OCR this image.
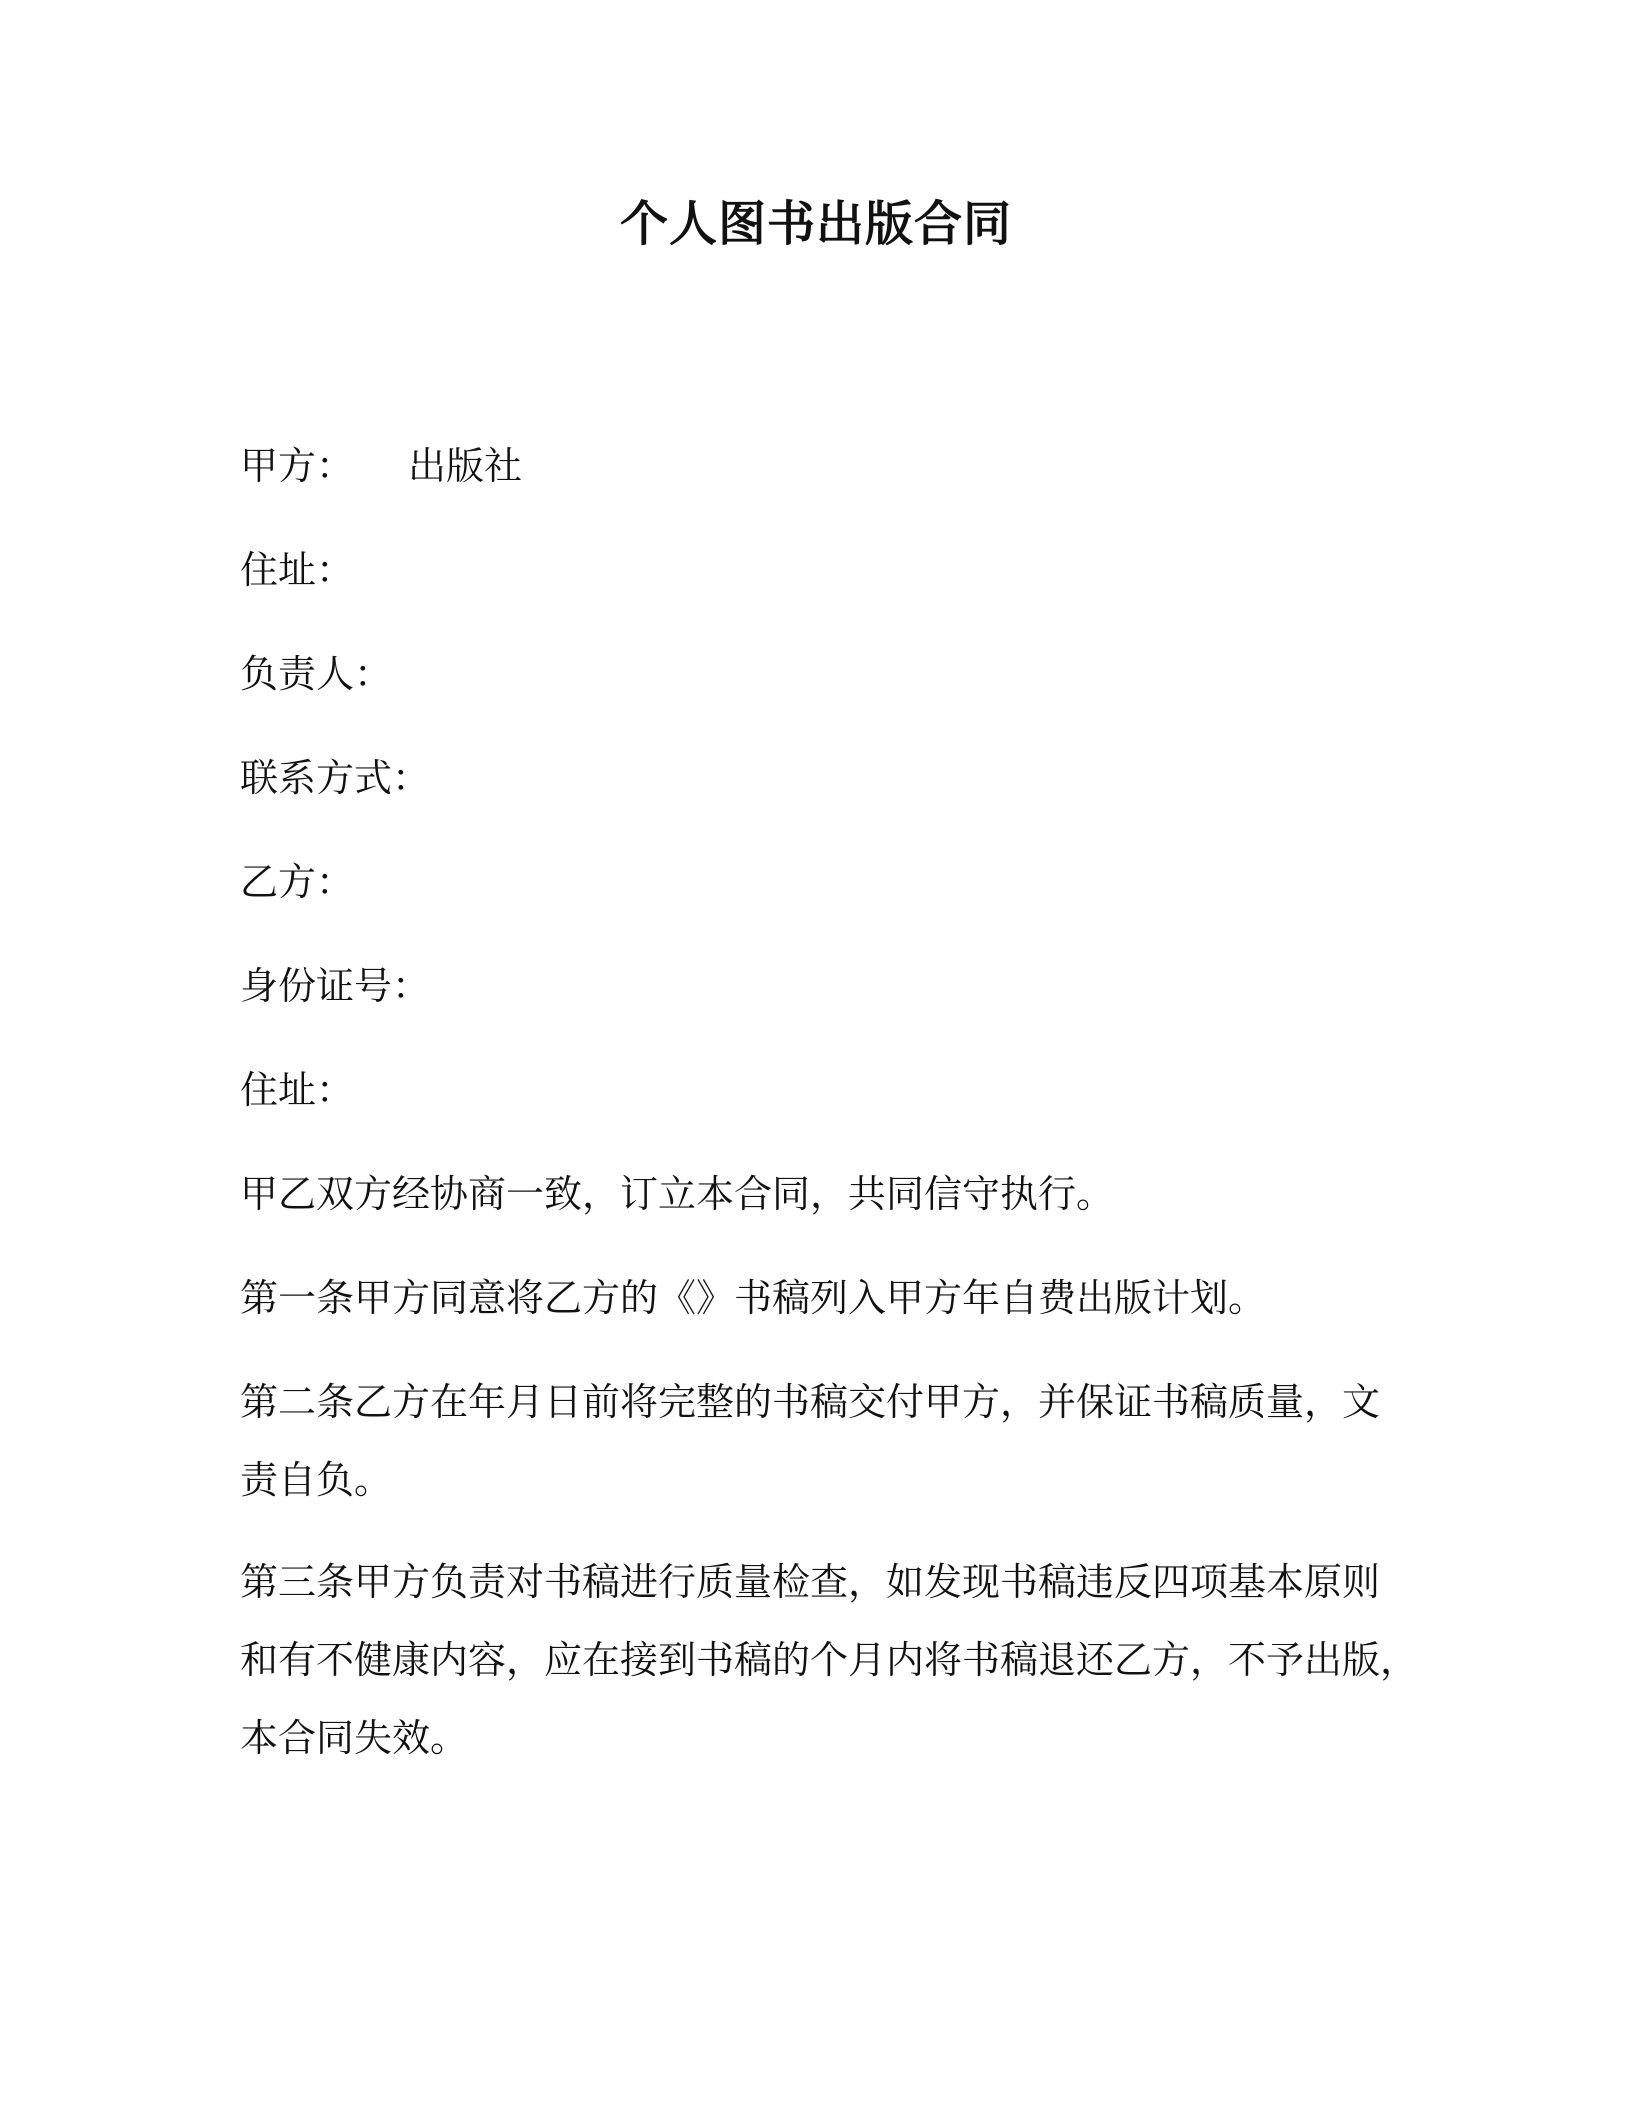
个人图书出版合同
甲方： 出版社
住址：
负责人：
联系方式：
乙方：
身份证号：
住址：
甲乙双方经协商一致，订立本合同，共同信守执行。
第一条甲方同意将乙方的《》书稿列入甲方年自费出版计划。
第二条乙方在年月日前将完整的书稿交付甲方，并保证书稿质量，文
责自负。
第三条甲方负责对书稿进行质量检查，如发现书稿违反四项基本原则
和有不健康内容，应在接到书稿的个月内将书稿退还乙方，不予出版，
本合同失效。
